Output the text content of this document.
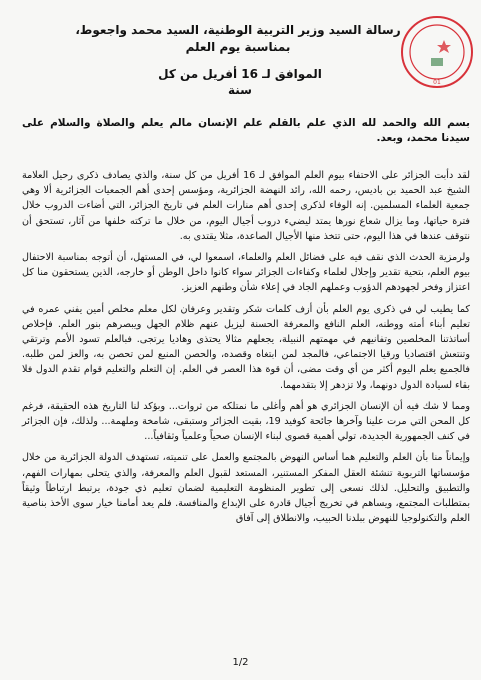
01
رسالة السيد وزير التربية الوطنية، السيد محمد واجعوط، بمناسبة يوم العلم
الموافق لـ 16 أفريل من كل سنة
بسم الله والحمد لله الذي علم بالقلم علم الإنسان مالم يعلم والصلاة والسلام على سيدنا محمد، وبعد.

لقد دأبت الجزائر على الاحتفاء بيوم العلم الموافق لـ 16 أفريل من كل سنة، والذي يصادف ذكرى رحيل العلامة الشيخ عبد الحميد بن باديس، رحمه الله، رائد النهضة الجزائرية، ومؤسس إحدى أهم الجمعيات الجزائرية ألا وهي جمعية العلماء المسلمين. إنه الوفاء لذكرى إحدى أهم منارات العلم في تاريخ الجزائر، التي أضاءت الدروب خلال فترة حياتها، وما يزال شعاع نورها يمتد ليضيء دروب أجيال اليوم، من خلال ما تركته خلفها من آثار، تستحق أن نتوقف عندها في هذا اليوم، حتى تتخذ منها الأجيال الصاعدة، مثلا يقتدى به.

ولرمزية الحدث الذي نقف فيه على فضائل العلم والعلماء، اسمعوا لي، في المستهل، أن أتوجه بمناسبة الاحتفال بيوم العلم، بتحية تقدير وإجلال لعلماء وكفاءات الجزائر سواء كانوا داخل الوطن أو خارجه، الذين يستحقون منا كل اعتزاز وفخر لجهودهم الدؤوب وعملهم الجاد في إعلاء شأن وطنهم العزيز.

كما يطيب لي في ذكرى يوم العلم بأن أزف كلمات شكر وتقدير وعرفان لكل معلم مخلص أمين يفني عمره في تعليم أبناء أمته ووطنه، العلم النافع والمعرفة الحسنة ليزيل عنهم ظلام الجهل ويبصرهم بنور العلم. فإخلاص أساتذتنا المخلصين وتفانيهم في مهمتهم النبيلة، يجعلهم مثالا يحتذى وهاديا يرتجى. فبالعلم تسود الأمم وترتقي وتنتعش اقتصاديا ورقيا الاجتماعي، فالمجد لمن ابتغاه وقصده، والحصن المنيع لمن تحصن به، والعز لمن طلبه. فالجميع يعلم اليوم أكثر من أي وقت مضى، أن قوة هذا العصر في العلم. إن التعلم والتعليم قوام تقدم الدول فلا بقاء لسيادة الدول دونهما، ولا تزدهر إلا بتقدمهما.

ومما لا شك فيه أن الإنسان الجزائري هو أهم وأغلى ما نمتلكه من ثروات... وبؤكد لنا التاريخ هذه الحقيقة، فرغم كل المحن التي مرت علينا وآخرها جائحة كوفيد 19، بقيت الجزائر وستبقى، شامخة وملهمة... ولذلك، فإن الجزائر في كنف الجمهورية الجديدة، تولي أهمية قصوى لبناء الإنسان صحياً وعلمياً وثقافياً...

وإيماناً منا بأن العلم والتعليم هما أساس النهوض بالمجتمع والعمل على تنميته، تستهدف الدولة الجزائرية من خلال مؤسساتها التربوية تنشئة العقل المفكر المستنير، المستعد لقبول العلم والمعرفة، والذي يتحلى بمهارات الفهم، والتطبيق والتحليل. لذلك نسعى إلى تطوير المنظومة التعليمية لضمان تعليم ذي جودة، يرتبط ارتباطاً وثيقاً بمتطلبات المجتمع، ويساهم في تخريج أجيال قادرة على الإبداع والمنافسة. فلم يعد أمامنا خيار سوى الأخذ بناصية العلم والتكنولوجيا للنهوض ببلدنا الحبيب، والانطلاق إلى آفاق

1/2
